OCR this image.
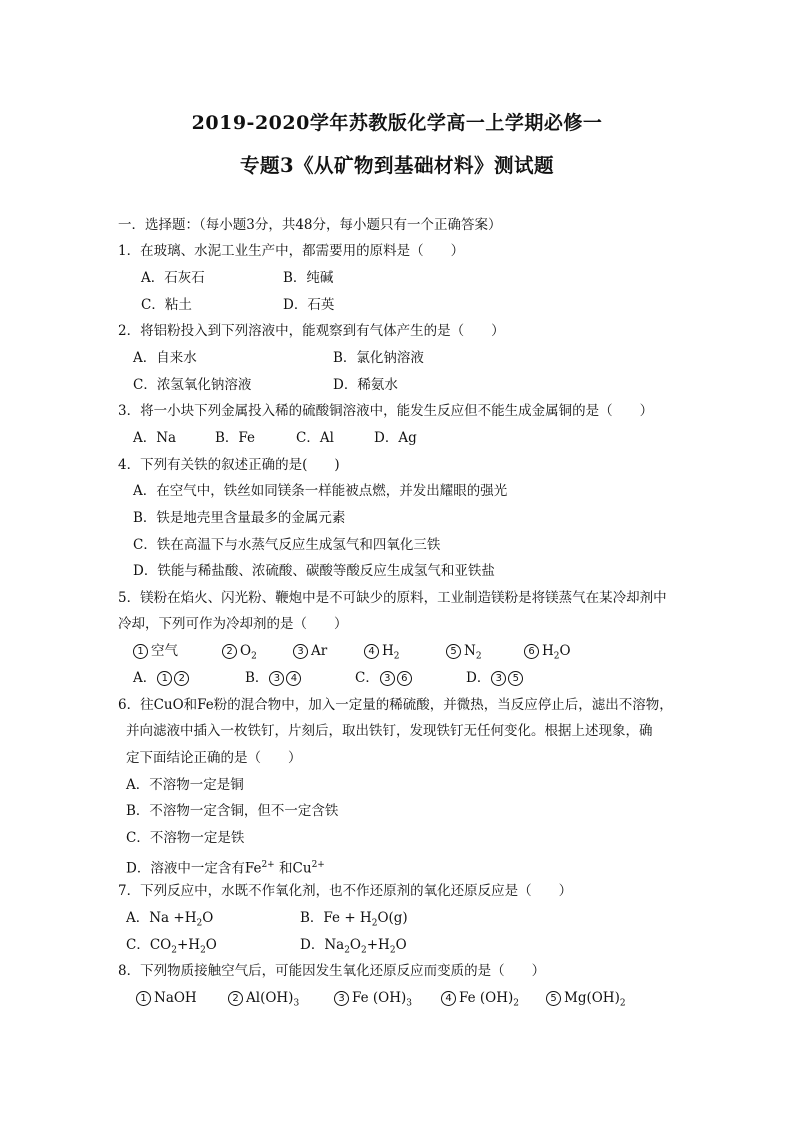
2019-2020学年苏教版化学高一上学期必修一
专题3《从矿物到基础材料》测试题
一．选择题：（每小题3分，共48分，每小题只有一个正确答案）
1．在玻璃、水泥工业生产中，都需要用的原料是（　　）
A．石灰石	B．纯碱
C．粘土	D．石英
2．将铝粉投入到下列溶液中，能观察到有气体产生的是（　　）
A．自来水	B．氯化钠溶液
C．浓氢氧化钠溶液	D．稀氨水
3．将一小块下列金属投入稀的硫酸铜溶液中，能发生反应但不能生成金属铜的是（　　）
A．Na	B．Fe	C．Al	D．Ag
4．下列有关铁的叙述正确的是(　　)
A．在空气中，铁丝如同镁条一样能被点燃，并发出耀眼的强光
B．铁是地壳里含量最多的金属元素
C．铁在高温下与水蒸气反应生成氢气和四氧化三铁
D．铁能与稀盐酸、浓硫酸、碳酸等酸反应生成氢气和亚铁盐
5．镁粉在焰火、闪光粉、鞭炮中是不可缺少的原料，工业制造镁粉是将镁蒸气在某冷却剂中
冷却，下列可作为冷却剂的是（　　）
1 空气	2 $O_2$	3 Ar	4 $H_2$	5 $N_2$	6 $H_2O$
A． 1 2	B． 3 4	C． 3 6	D． 3 5
6．往CuO和Fe粉的混合物中，加入一定量的稀硫酸，并微热，当反应停止后，滤出不溶物，
并向滤液中插入一枚铁钉，片刻后，取出铁钉，发现铁钉无任何变化。根据上述现象，确
定下面结论正确的是（　　）
A．不溶物一定是铜
B．不溶物一定含铜，但不一定含铁
C．不溶物一定是铁
D．溶液中一定含有$Fe^{2+}$ 和$Cu^{2+}$
7．下列反应中，水既不作氧化剂，也不作还原剂的氧化还原反应是（　　）
A．$Na +H_2O$	B．$Fe + H_2O(g)$
C．$CO_2+H_2O$	D．$Na_2O_2+H_2O$
8．下列物质接触空气后，可能因发生氧化还原反应而变质的是（　　）
1 NaOH	2 $Al(OH)_3$	3 Fe $(OH)_3$	4 Fe $(OH)_2$	5 $Mg(OH)_2$
